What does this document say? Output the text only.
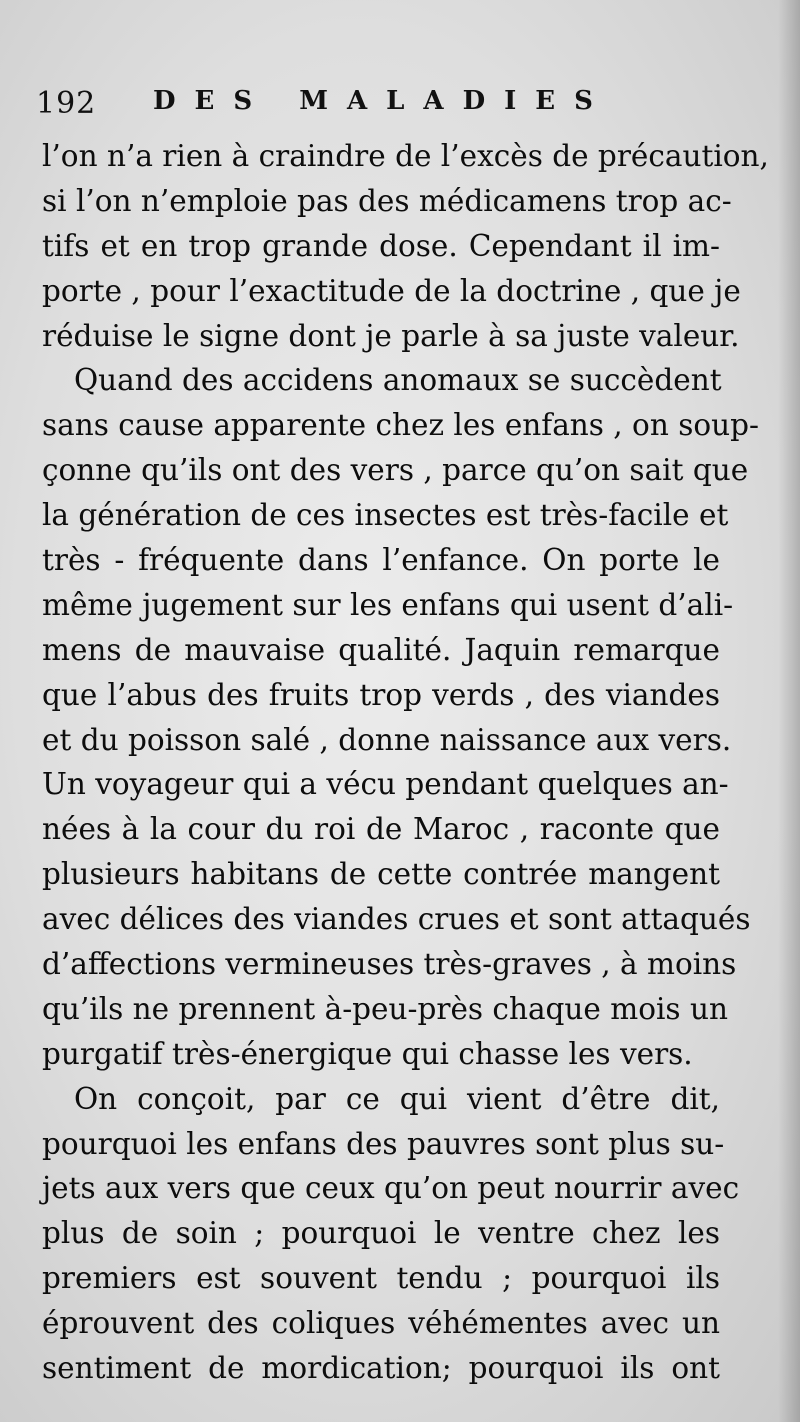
192 DES MALADIES
l’on n’a rien à craindre de l’excès de précaution,
si l’on n’emploie pas des médicamens trop ac-
tifs et en trop grande dose. Cependant il im-
porte , pour l’exactitude de la doctrine , que je
réduise le signe dont je parle à sa juste valeur.
Quand des accidens anomaux se succèdent
sans cause apparente chez les enfans , on soup-
çonne qu’ils ont des vers , parce qu’on sait que
la génération de ces insectes est très-facile et
très - fréquente dans l’enfance. On porte le
même jugement sur les enfans qui usent d’ali-
mens de mauvaise qualité. Jaquin remarque
que l’abus des fruits trop verds , des viandes
et du poisson salé , donne naissance aux vers.
Un voyageur qui a vécu pendant quelques an-
nées à la cour du roi de Maroc , raconte que
plusieurs habitans de cette contrée mangent
avec délices des viandes crues et sont attaqués
d’affections vermineuses très-graves , à moins
qu’ils ne prennent à-peu-près chaque mois un
purgatif très-énergique qui chasse les vers.
On conçoit, par ce qui vient d’être dit,
pourquoi les enfans des pauvres sont plus su-
jets aux vers que ceux qu’on peut nourrir avec
plus de soin ; pourquoi le ventre chez les
premiers est souvent tendu ; pourquoi ils
éprouvent des coliques véhémentes avec un
sentiment de mordication; pourquoi ils ont
